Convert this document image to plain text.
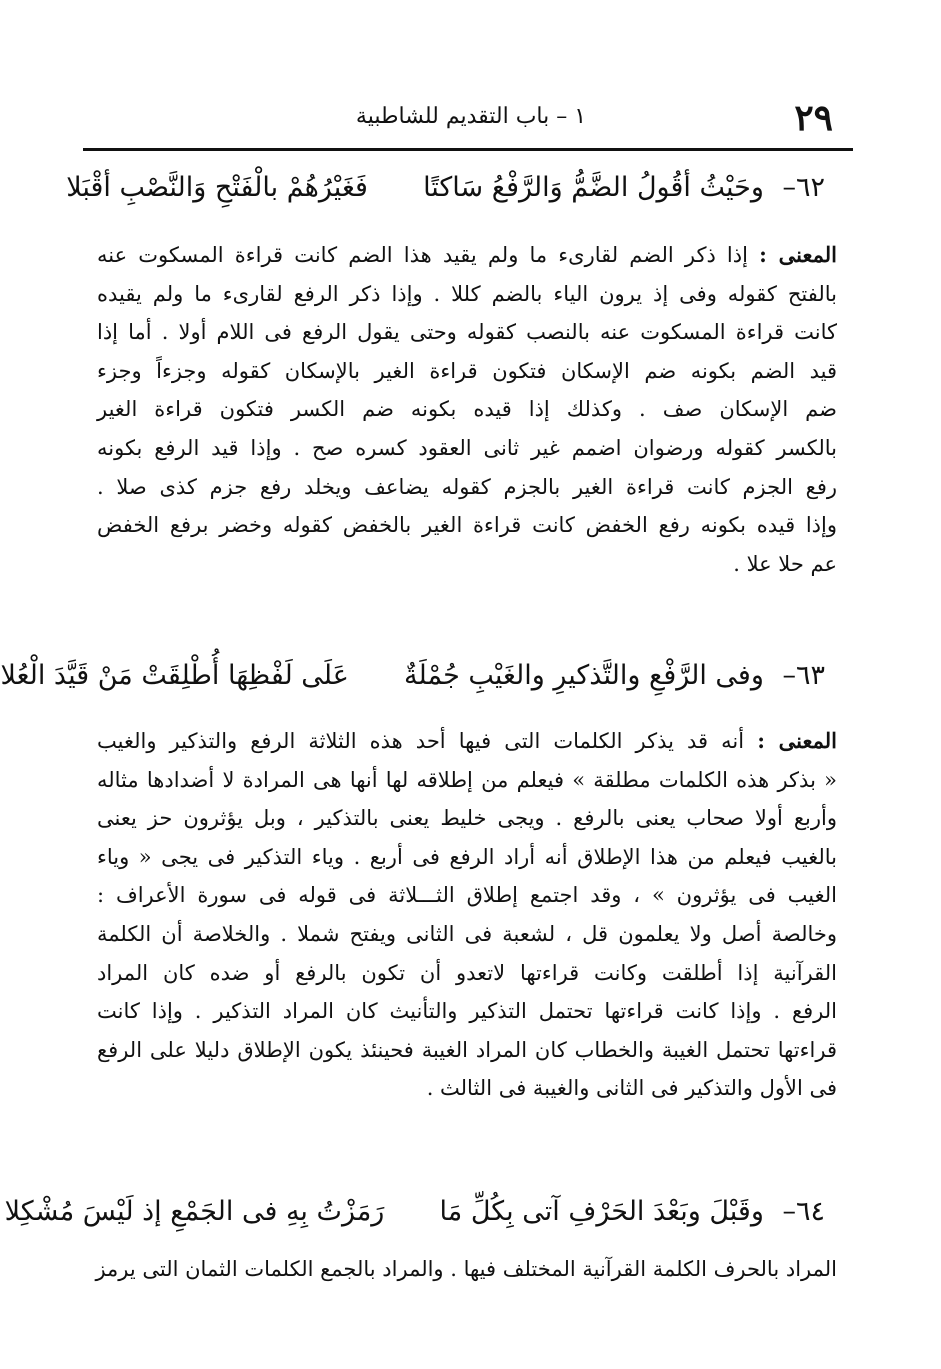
٢٩
١ – باب التقديم للشاطبية
٦٢– وحَيْثُ أقُولُ الضَّمُّ وَالرَّفْعُ سَاكتًا  فَغَيْرُهُمْ بالْفَتْحِ وَالنَّصْبِ أقْبَلا
المعنى : إذا ذكر الضم لقارىء ما ولم يقيد هذا الضم كانت قراءة المسكوت عنه
بالفتح كقوله وفى إذ يرون الياء بالضم كللا . وإذا ذكر الرفع لقارىء ما ولم يقيده
كانت قراءة المسكوت عنه بالنصب كقوله وحتى يقول الرفع فى اللام أولا . أما إذا
قيد الضم بكونه ضم الإسكان فتكون قراءة الغير بالإسكان كقوله وجزءاً وجزء
ضم الإسكان صف . وكذلك إذا قيده بكونه ضم الكسر فتكون قراءة الغير
بالكسر كقوله ورضوان اضمم غير ثانى العقود كسره صح . وإذا قيد الرفع بكونه
رفع الجزم كانت قراءة الغير بالجزم كقوله يضاعف ويخلد رفع جزم كذى صلا .
وإذا قيده بكونه رفع الخفض كانت قراءة الغير بالخفض كقوله وخضر برفع الخفض
عم حلا علا .
٦٣– وفى الرَّفْعِ والتَّذكيرِ والغَيْبِ جُمْلَةٌ  عَلَى لَفْظِهَا أُطْلِقَتْ مَنْ قَيَّدَ الْعُلا
المعنى : أنه قد يذكر الكلمات التى فيها أحد هذه الثلاثة الرفع والتذكير والغيب
« بذكر هذه الكلمات مطلقة » فيعلم من إطلاقه لها أنها هى المرادة لا أضدادها مثاله
وأربع أولا صحاب يعنى بالرفع . ويجى خليط يعنى بالتذكير ، وبل يؤثرون حز يعنى
بالغيب فيعلم من هذا الإطلاق أنه أراد الرفع فى أربع . وياء التذكير فى يجى « وياء
الغيب فى يؤثرون » ، وقد اجتمع إطلاق الثـــلاثة فى قوله فى سورة الأعراف :
وخالصة أصل ولا يعلمون قل ، لشعبة فى الثانى ويفتح شملا . والخلاصة أن الكلمة
القرآنية إذا أطلقت وكانت قراءتها لاتعدو أن تكون بالرفع أو ضده كان المراد
الرفع . وإذا كانت قراءتها تحتمل التذكير والتأنيث كان المراد التذكير . وإذا كانت
قراءتها تحتمل الغيبة والخطاب كان المراد الغيبة فحينئذ يكون الإطلاق دليلا على الرفع
فى الأول والتذكير فى الثانى والغيبة فى الثالث .
٦٤– وقَبْلَ وبَعْدَ الحَرْفِ آتى بِكُلِّ مَا  رَمَزْتُ بِهِ فى الجَمْعِ إذ لَيْسَ مُشْكِلا
المراد بالحرف الكلمة القرآنية المختلف فيها . والمراد بالجمع الكلمات الثمان التى يرمز
